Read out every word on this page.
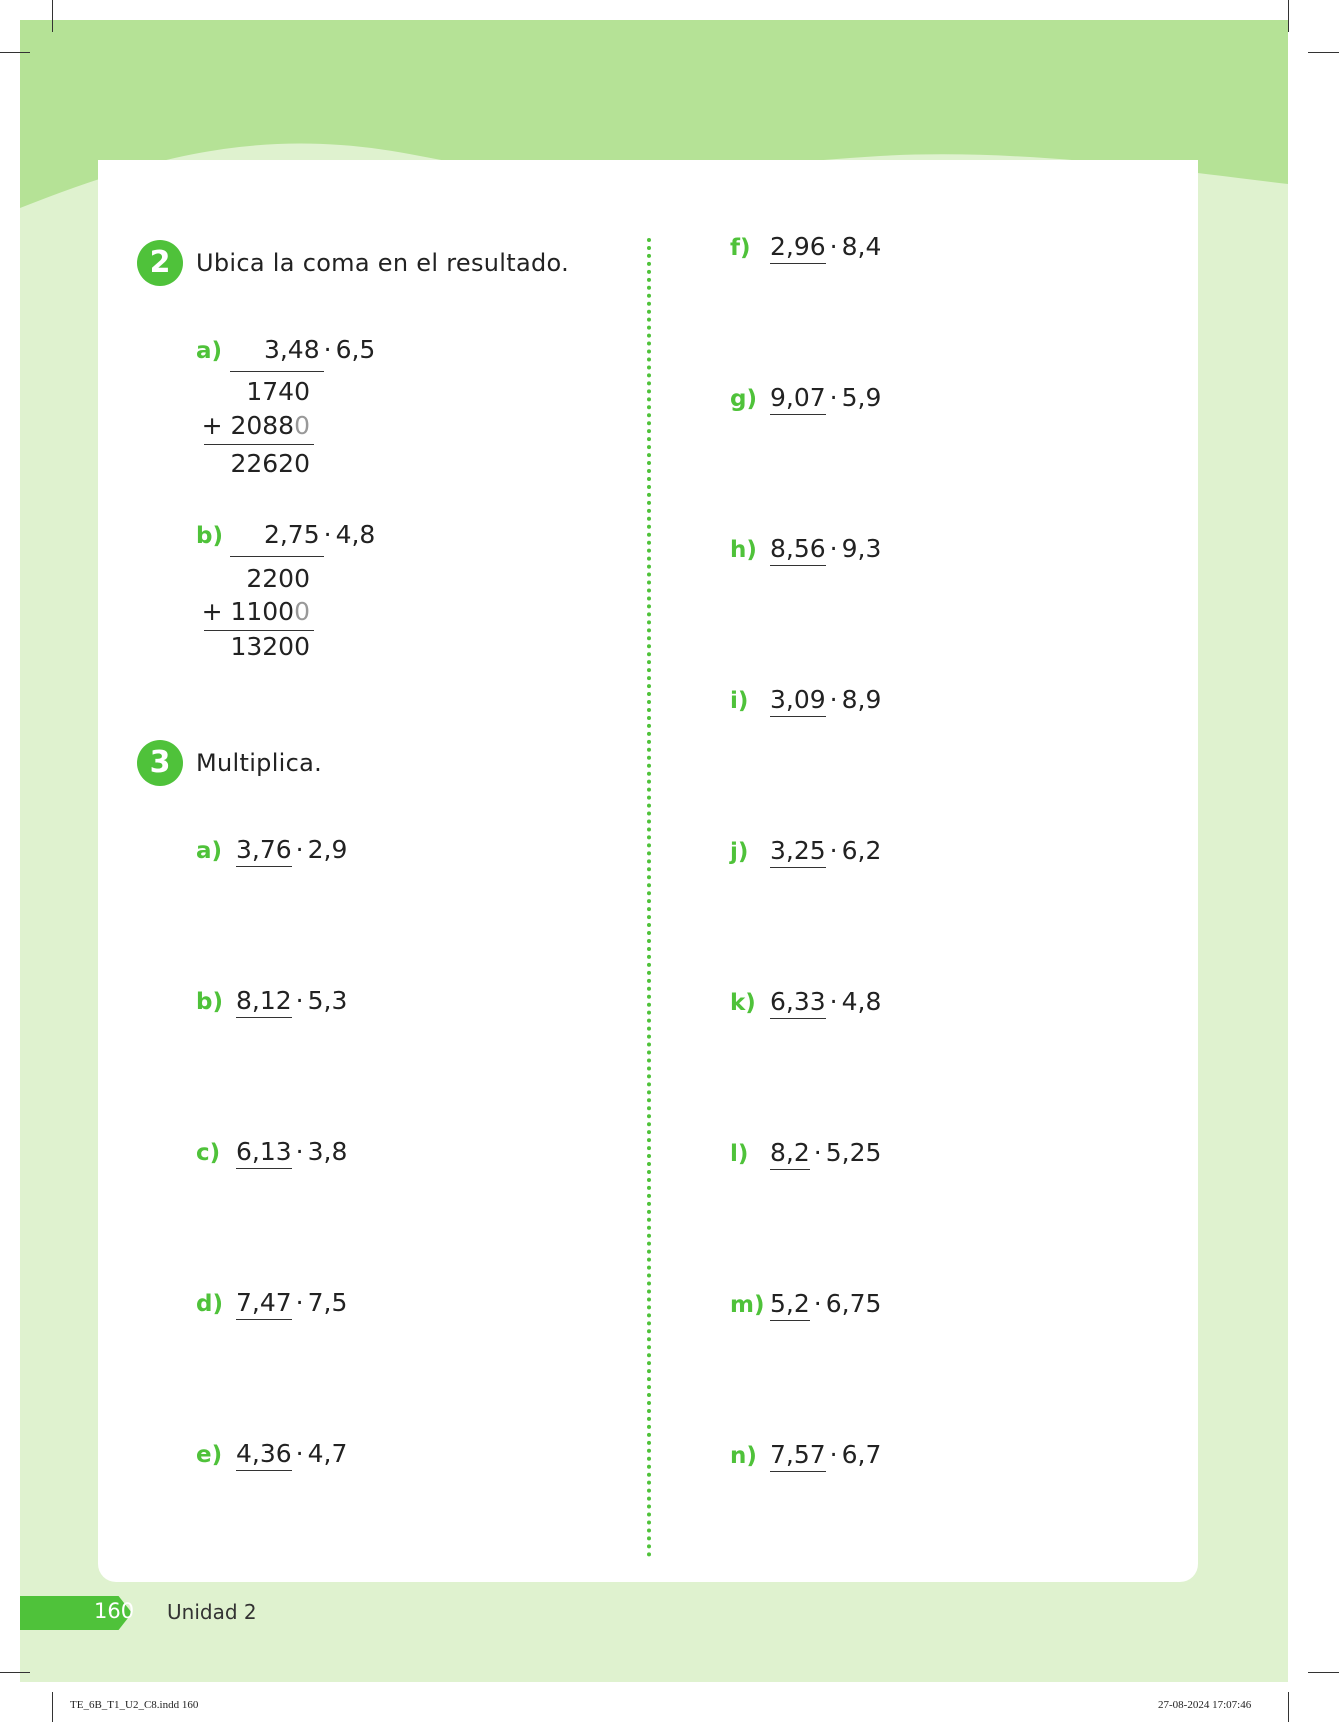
2	Ubica la coma en el resultado.
a) 3,48 · 6,5
1740
+ 20880
22620
b) 2,75 · 4,8
2200
+ 11000
13200
3	Multiplica.
a) 3,76 · 2,9
b) 8,12 · 5,3
c) 6,13 · 3,8
d) 7,47 · 7,5
e) 4,36 · 4,7
f) 2,96 · 8,4
g) 9,07 · 5,9
h) 8,56 · 9,3
i) 3,09 · 8,9
j) 3,25 · 6,2
k) 6,33 · 4,8
l) 8,2 · 5,25
m) 5,2 · 6,75
n) 7,57 · 6,7
160 Unidad 2
TE_6B_T1_U2_C8.indd 160	27-08-2024 17:07:46
